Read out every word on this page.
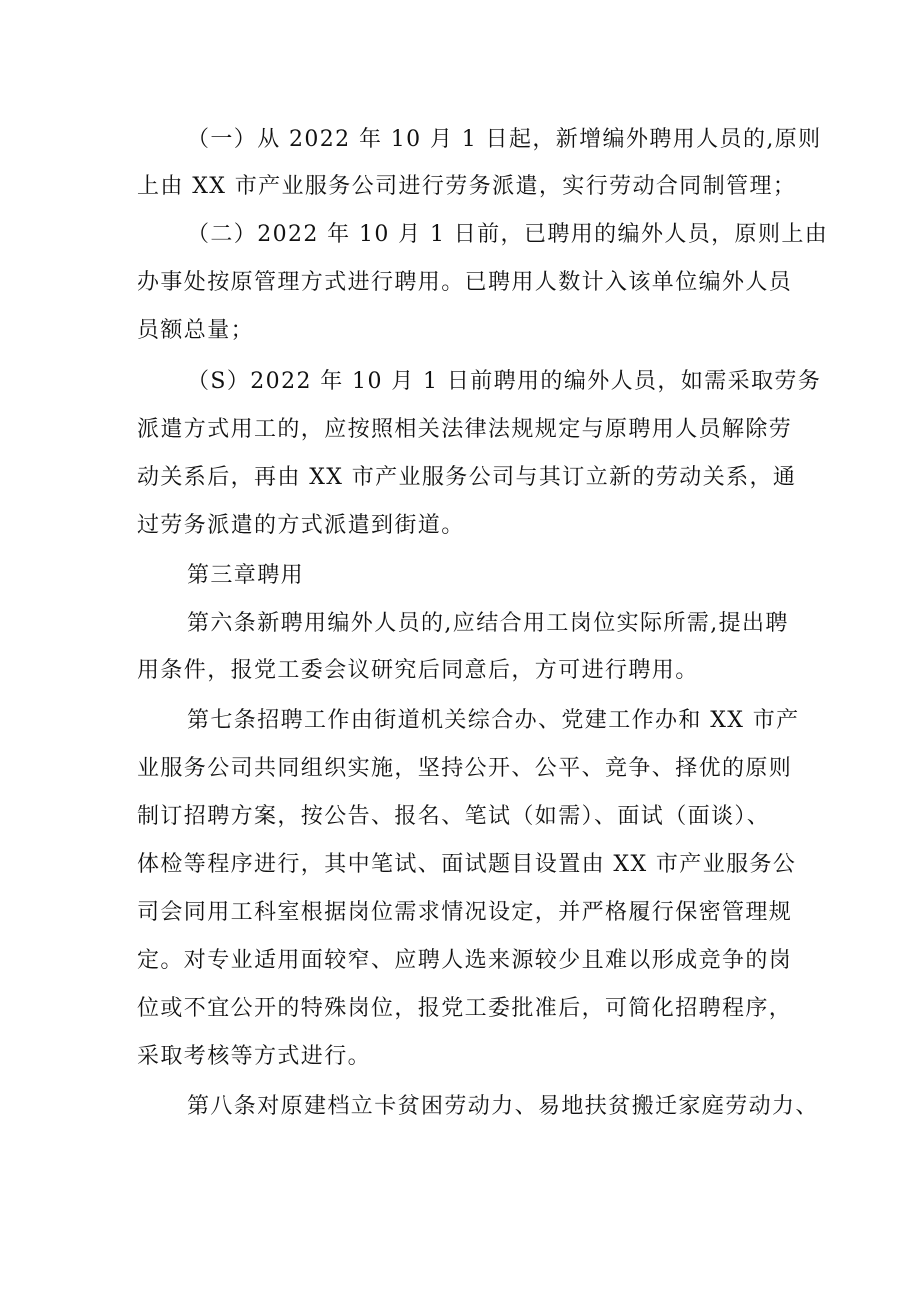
（一）从 2022 年 10 月 1 日起，新增编外聘用人员的,原则
上由 XX 市产业服务公司进行劳务派遣，实行劳动合同制管理；
（二）2022 年 10 月 1 日前，已聘用的编外人员，原则上由
办事处按原管理方式进行聘用。已聘用人数计入该单位编外人员
员额总量；
（S）2022 年 10 月 1 日前聘用的编外人员，如需采取劳务
派遣方式用工的，应按照相关法律法规规定与原聘用人员解除劳
动关系后，再由 XX 市产业服务公司与其订立新的劳动关系，通
过劳务派遣的方式派遣到街道。
第三章聘用
第六条新聘用编外人员的,应结合用工岗位实际所需,提出聘
用条件，报党工委会议研究后同意后，方可进行聘用。
第七条招聘工作由街道机关综合办、党建工作办和 XX 市产
业服务公司共同组织实施，坚持公开、公平、竞争、择优的原则
制订招聘方案，按公告、报名、笔试（如需）、面试（面谈）、
体检等程序进行，其中笔试、面试题目设置由 XX 市产业服务公
司会同用工科室根据岗位需求情况设定，并严格履行保密管理规
定。对专业适用面较窄、应聘人选来源较少且难以形成竞争的岗
位或不宜公开的特殊岗位，报党工委批准后，可简化招聘程序，
采取考核等方式进行。
第八条对原建档立卡贫困劳动力、易地扶贫搬迁家庭劳动力、
